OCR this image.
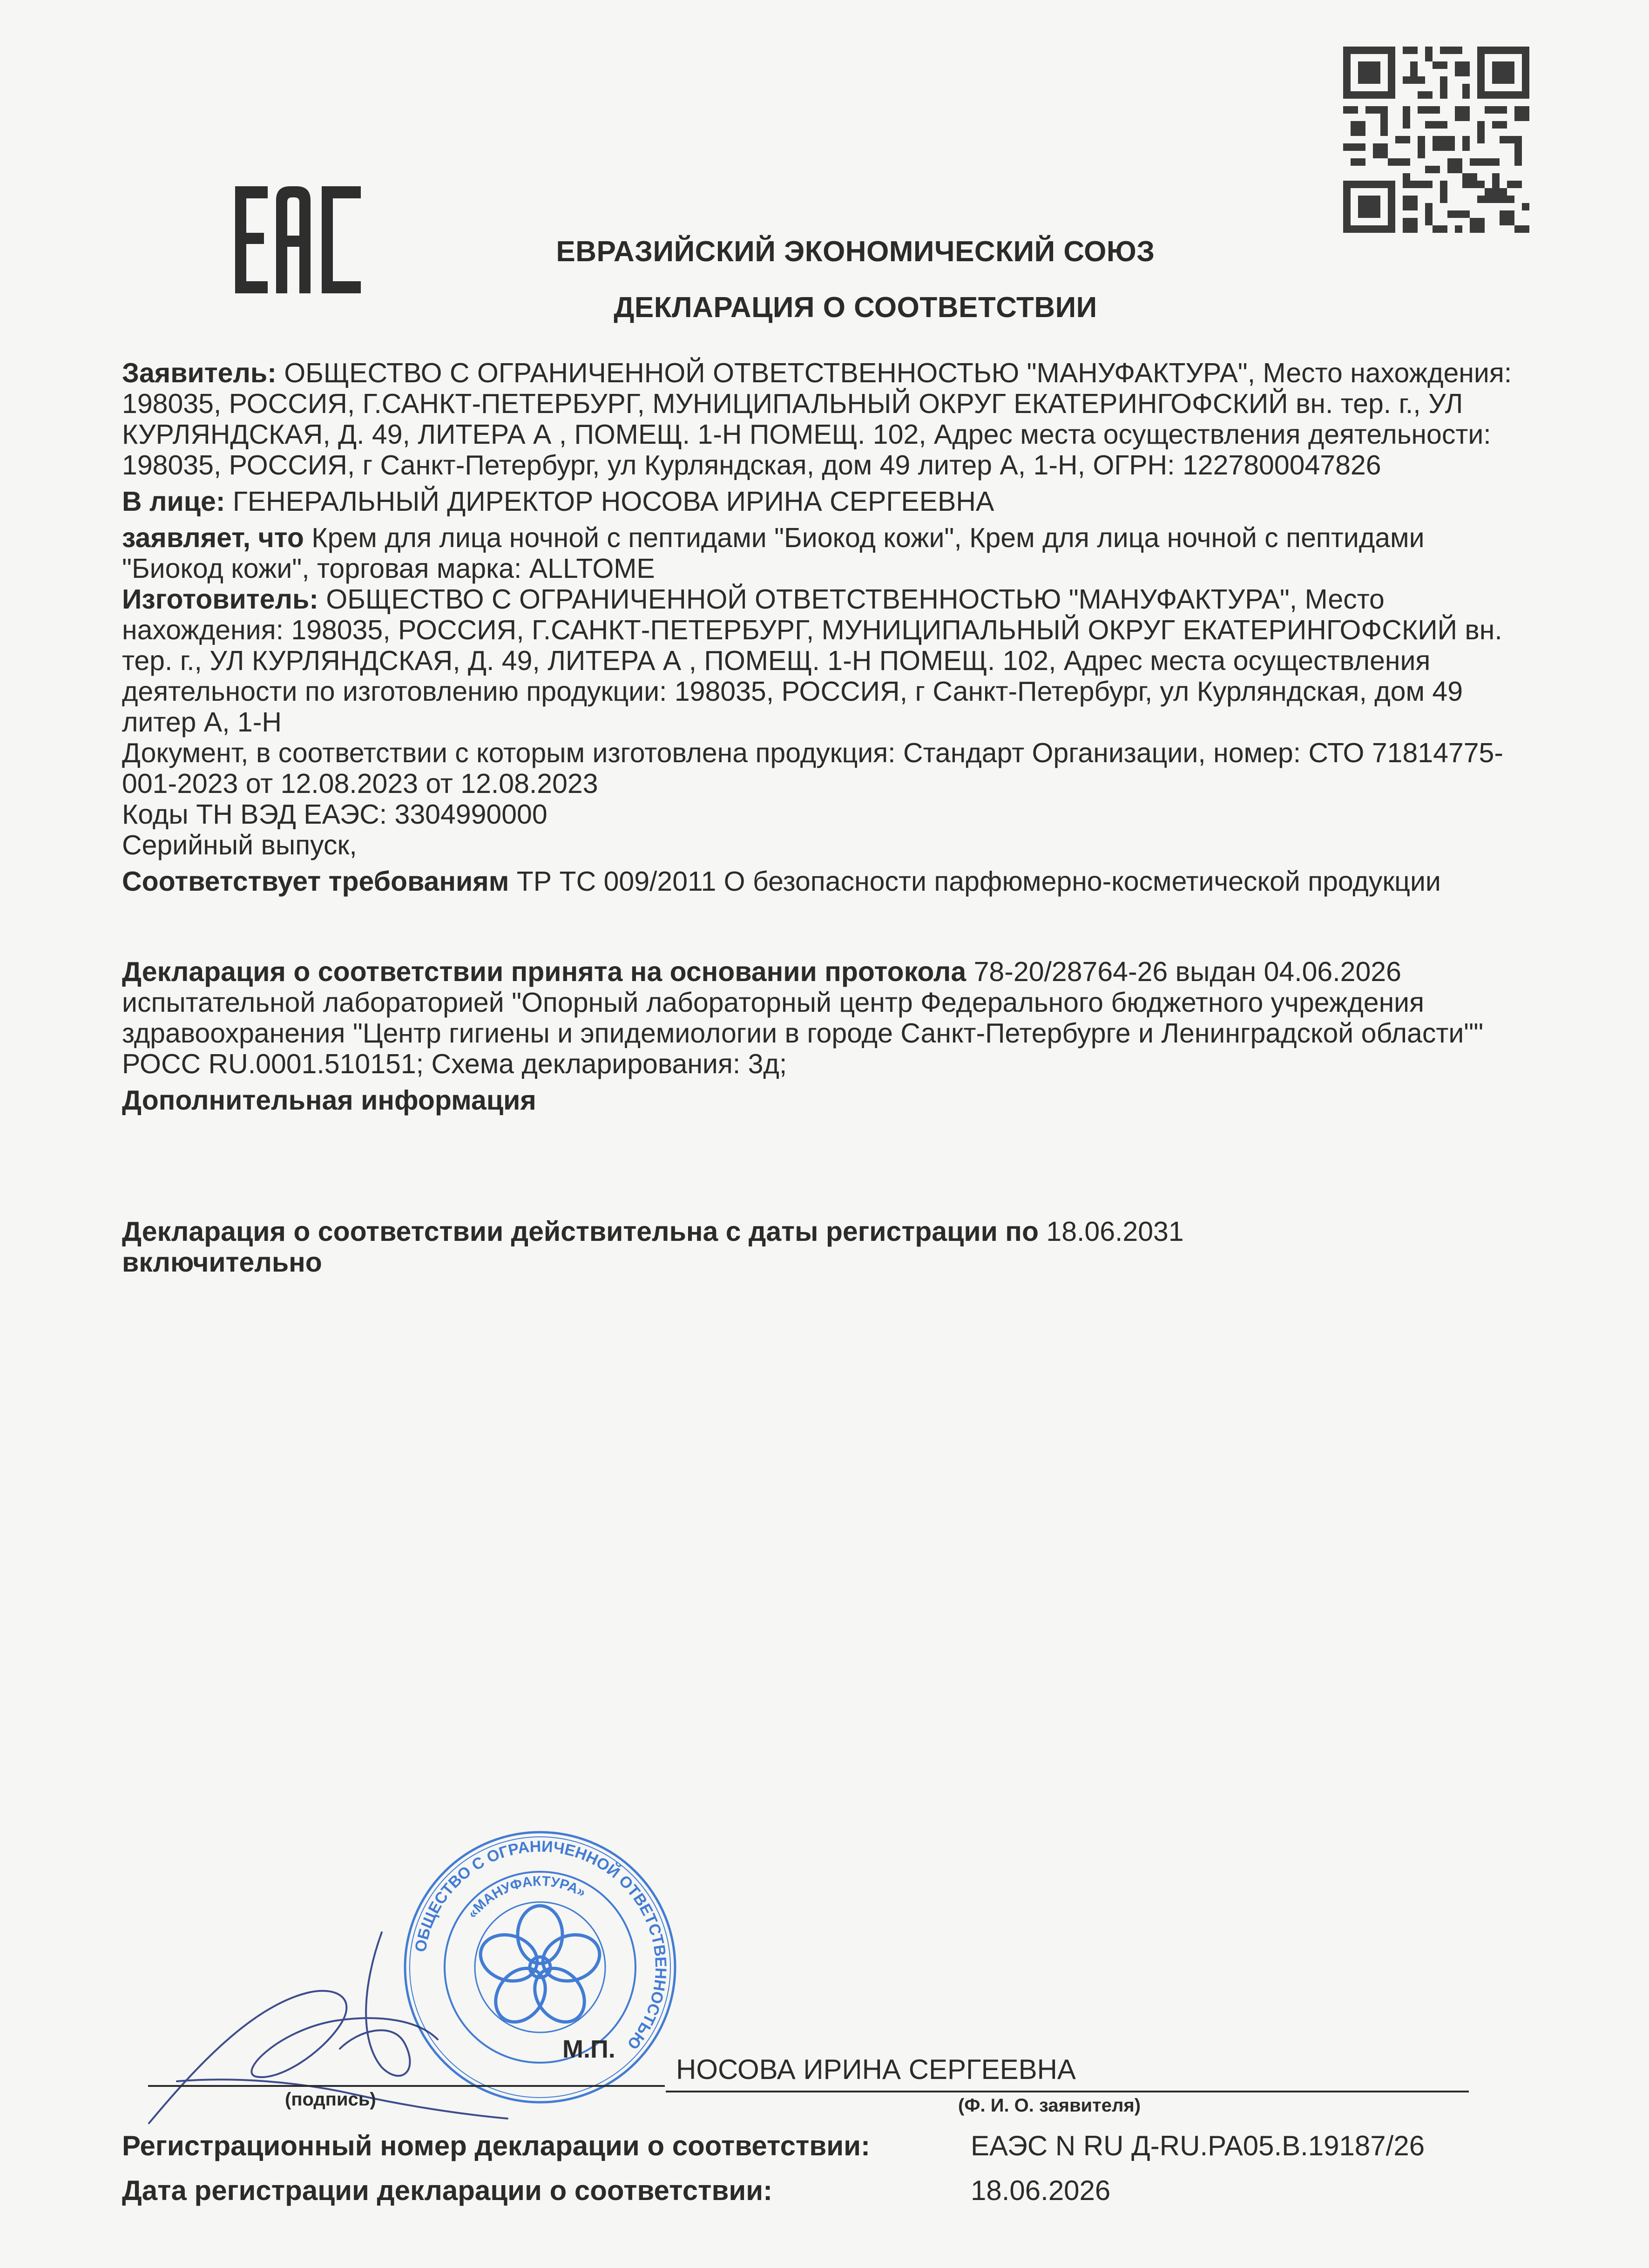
ЕВРАЗИЙСКИЙ ЭКОНОМИЧЕСКИЙ СОЮЗ
ДЕКЛАРАЦИЯ О СООТВЕТСТВИИ

Заявитель: ОБЩЕСТВО С ОГРАНИЧЕННОЙ ОТВЕТСТВЕННОСТЬЮ "МАНУФАКТУРА", Место нахождения: 198035, РОССИЯ, Г.САНКТ-ПЕТЕРБУРГ, МУНИЦИПАЛЬНЫЙ ОКРУГ ЕКАТЕРИНГОФСКИЙ вн. тер. г., УЛ КУРЛЯНДСКАЯ, Д. 49, ЛИТЕРА А , ПОМЕЩ. 1-Н ПОМЕЩ. 102, Адрес места осуществления деятельности: 198035, РОССИЯ, г Санкт-Петербург, ул Курляндская, дом 49 литер А, 1-Н, ОГРН: 1227800047826

В лице: ГЕНЕРАЛЬНЫЙ ДИРЕКТОР НОСОВА ИРИНА СЕРГЕЕВНА

заявляет, что Крем для лица ночной с пептидами "Биокод кожи", Крем для лица ночной с пептидами "Биокод кожи", торговая марка: ALLTOME

Изготовитель: ОБЩЕСТВО С ОГРАНИЧЕННОЙ ОТВЕТСТВЕННОСТЬЮ "МАНУФАКТУРА", Место нахождения: 198035, РОССИЯ, Г.САНКТ-ПЕТЕРБУРГ, МУНИЦИПАЛЬНЫЙ ОКРУГ ЕКАТЕРИНГОФСКИЙ вн. тер. г., УЛ КУРЛЯНДСКАЯ, Д. 49, ЛИТЕРА А , ПОМЕЩ. 1-Н ПОМЕЩ. 102, Адрес места осуществления деятельности по изготовлению продукции: 198035, РОССИЯ, г Санкт-Петербург, ул Курляндская, дом 49 литер А, 1-Н

Документ, в соответствии с которым изготовлена продукция: Стандарт Организации, номер: СТО 71814775-001-2023 от 12.08.2023 от 12.08.2023

Коды ТН ВЭД ЕАЭС: 3304990000

Серийный выпуск,

Соответствует требованиям ТР ТС 009/2011 О безопасности парфюмерно-косметической продукции

Декларация о соответствии принята на основании протокола 78-20/28764-26 выдан 04.06.2026 испытательной лабораторией "Опорный лабораторный центр Федерального бюджетного учреждения здравоохранения "Центр гигиены и эпидемиологии в городе Санкт-Петербурге и Ленинградской области"" РОСС RU.0001.510151; Схема декларирования: 3д;

Дополнительная информация

Декларация о соответствии действительна с даты регистрации по 18.06.2031
включительно

ОБЩЕСТВО С ОГРАНИЧЕННОЙ ОТВЕТСТВЕННОСТЬЮ
«МАНУФАКТУРА»
М.П.
НОСОВА ИРИНА СЕРГЕЕВНА
(подпись)	(Ф. И. О. заявителя)
Регистрационный номер декларации о соответствии:	ЕАЭС N RU Д-RU.PA05.B.19187/26
Дата регистрации декларации о соответствии:	18.06.2026
